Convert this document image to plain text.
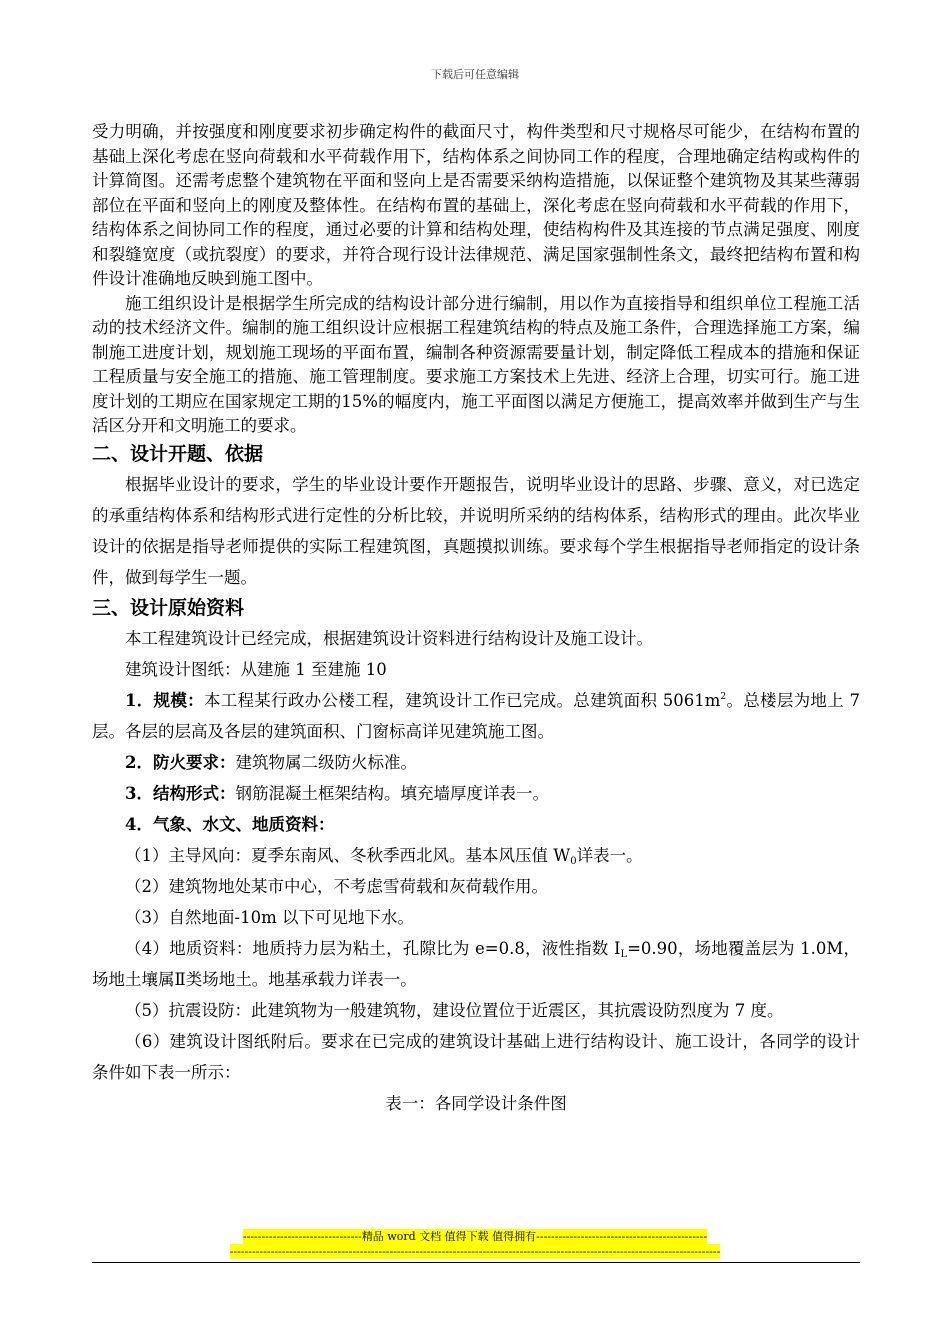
下载后可任意编辑

受力明确，并按强度和刚度要求初步确定构件的截面尺寸，构件类型和尺寸规格尽可能少，在结构布置的基础上深化考虑在竖向荷载和水平荷载作用下，结构体系之间协同工作的程度，合理地确定结构或构件的计算简图。还需考虑整个建筑物在平面和竖向上是否需要采纳构造措施，以保证整个建筑物及其某些薄弱部位在平面和竖向上的刚度及整体性。在结构布置的基础上，深化考虑在竖向荷载和水平荷载的作用下，结构体系之间协同工作的程度，通过必要的计算和结构处理，使结构构件及其连接的节点满足强度、刚度和裂缝宽度（或抗裂度）的要求，并符合现行设计法律规范、满足国家强制性条文，最终把结构布置和构件设计准确地反映到施工图中。

施工组织设计是根据学生所完成的结构设计部分进行编制，用以作为直接指导和组织单位工程施工活动的技术经济文件。编制的施工组织设计应根据工程建筑结构的特点及施工条件，合理选择施工方案，编制施工进度计划，规划施工现场的平面布置，编制各种资源需要量计划，制定降低工程成本的措施和保证工程质量与安全施工的措施、施工管理制度。要求施工方案技术上先进、经济上合理，切实可行。施工进度计划的工期应在国家规定工期的15%的幅度内，施工平面图以满足方便施工，提高效率并做到生产与生活区分开和文明施工的要求。

二、设计开题、依据

根据毕业设计的要求，学生的毕业设计要作开题报告，说明毕业设计的思路、步骤、意义，对已选定的承重结构体系和结构形式进行定性的分析比较，并说明所采纳的结构体系，结构形式的理由。此次毕业设计的依据是指导老师提供的实际工程建筑图，真题摸拟训练。要求每个学生根据指导老师指定的设计条件，做到每学生一题。

三、设计原始资料

本工程建筑设计已经完成，根据建筑设计资料进行结构设计及施工设计。

建筑设计图纸：从建施 1 至建施 10

1．规模：本工程某行政办公楼工程，建筑设计工作已完成。总建筑面积 $5061m^2$。总楼层为地上 7 层。各层的层高及各层的建筑面积、门窗标高详见建筑施工图。

2．防火要求：建筑物属二级防火标准。

3．结构形式：钢筋混凝土框架结构。填充墙厚度详表一。

4．气象、水文、地质资料：

（1）主导风向：夏季东南风、冬秋季西北风。基本风压值 $W_0$详表一。

（2）建筑物地处某市中心，不考虑雪荷载和灰荷载作用。

（3）自然地面-10m 以下可见地下水。

（4）地质资料：地质持力层为粘土，孔隙比为 e=0.8，液性指数 $I_L=0.90$，场地覆盖层为 1.0M，场地土壤属Ⅱ类场地土。地基承载力详表一。

（5）抗震设防：此建筑物为一般建筑物，建设位置位于近震区，其抗震设防烈度为 7 度。

（6）建筑设计图纸附后。要求在已完成的建筑设计基础上进行结构设计、施工设计，各同学的设计条件如下表一所示：

表一：各同学设计条件图

--------------------------------精品 word 文档 值得下载 值得拥有----------------------------------------------
------------------------------------------------------------------------------------------------------------------------------------
